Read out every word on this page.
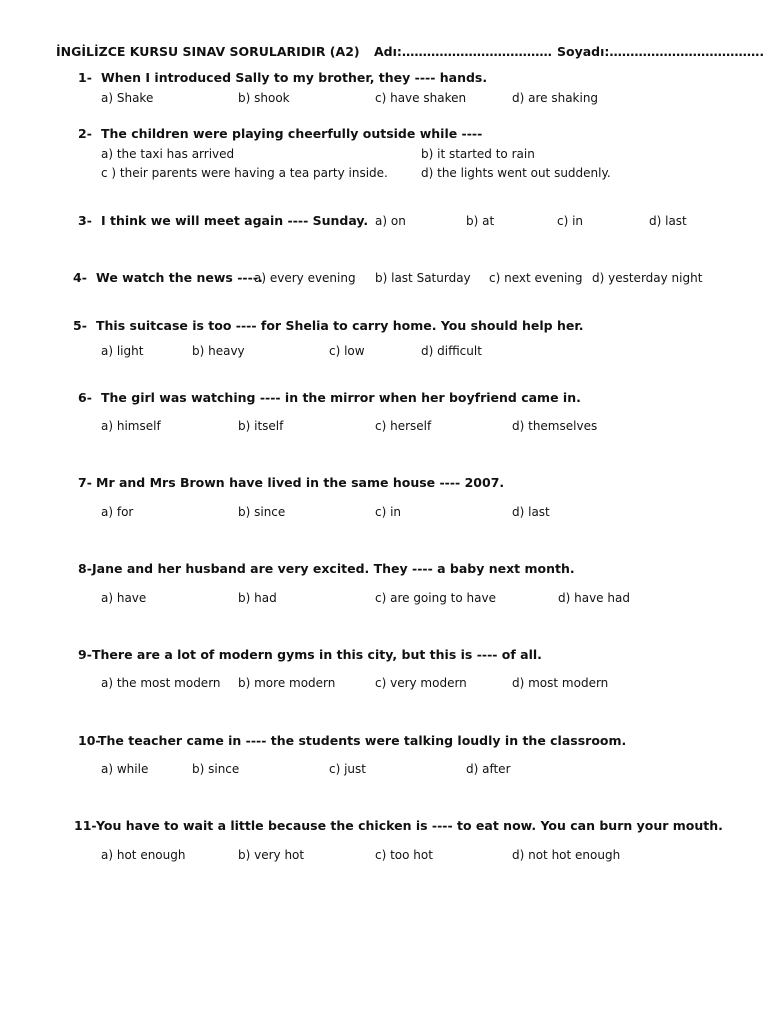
İNGİLİZCE KURSU SINAV SORULARIDIR (A2) Adı:……………………………… Soyadı:……………………………….
1- When I introduced Sally to my brother, they ---- hands.
a) Shake	b) shook	c) have shaken	d) are shaking
2- The children were playing cheerfully outside while ----
a) the taxi has arrived	b) it started to rain
c ) their parents were having a tea party inside.	d) the lights went out suddenly.
3- I think we will meet again ---- Sunday. a) on	b) at	c) in	d) last
4- We watch the news ----.
a) every evening b) last Saturday c) next evening d) yesterday night
5- This suitcase is too ---- for Shelia to carry home. You should help her.
a) light	b) heavy	c) low	d) difficult
6- The girl was watching ---- in the mirror when her boyfriend came in.
a) himself	b) itself	c) herself	d) themselves
7- Mr and Mrs Brown have lived in the same house ---- 2007.
a) for	b) since	c) in	d) last
8- Jane and her husband are very excited. They ---- a baby next month.
a) have	b) had	c) are going to have	d) have had
9- There are a lot of modern gyms in this city, but this is ---- of all.
a) the most modern b) more modern	c) very modern	d) most modern
10-
The teacher came in ---- the students were talking loudly in the classroom.
a) while	b) since	c) just	d) after
11- You have to wait a little because the chicken is ---- to eat now. You can burn your mouth.
a) hot enough	b) very hot	c) too hot	d) not hot enough
